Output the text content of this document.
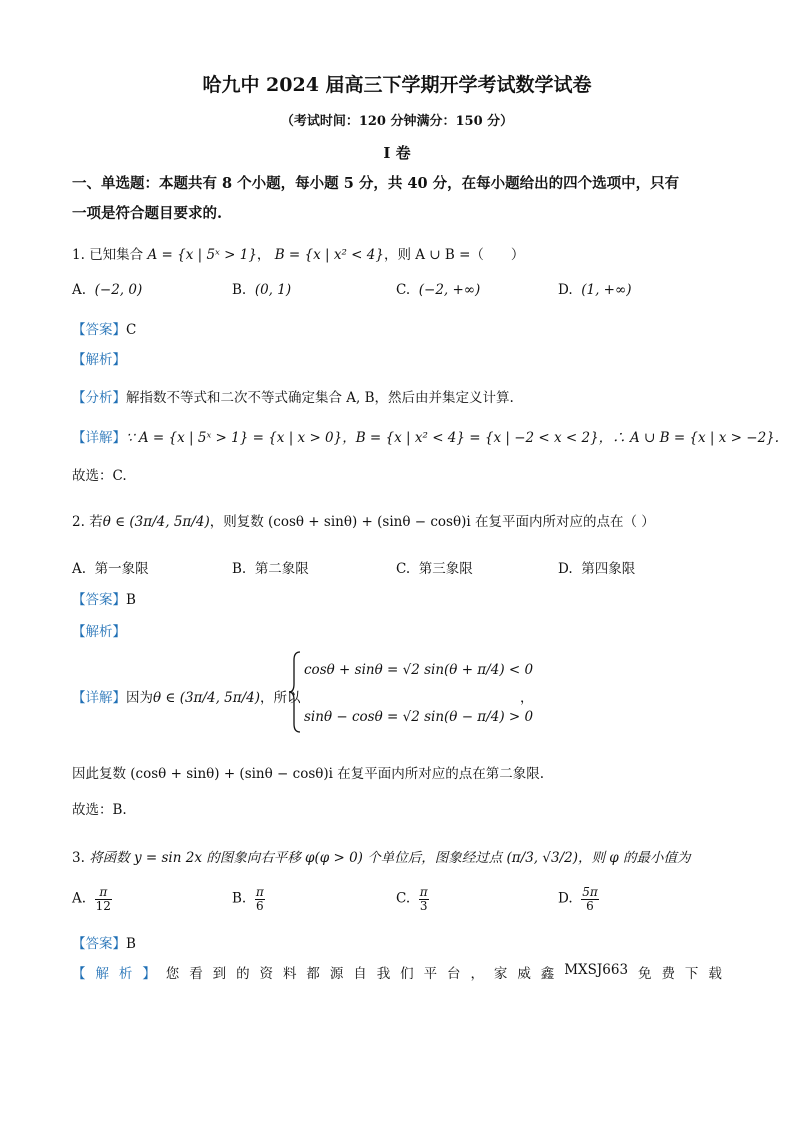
哈九中 2024 届高三下学期开学考试数学试卷
（考试时间：120 分钟满分：150 分）
I 卷
一、单选题：本题共有 8 个小题，每小题 5 分，共 40 分，在每小题给出的四个选项中，只有
一项是符合题目要求的.
1. 已知集合 A = {x | 5ˣ > 1}， B = {x | x² < 4}，则 A ∪ B =（　　）
A. (−2, 0)	B. (0, 1)	C. (−2, +∞)	D. (1, +∞)
【答案】C
【解析】
【分析】解指数不等式和二次不等式确定集合 A, B，然后由并集定义计算.
【详解】∵ A = {x | 5ˣ > 1} = {x | x > 0}，B = {x | x² < 4} = {x | −2 < x < 2}，∴ A ∪ B = {x | x > −2}.
故选：C.
2. 若θ ∈ (3π/4, 5π/4)，则复数 (cosθ + sinθ) + (sinθ − cosθ)i 在复平面内所对应的点在（ ）
A. 第一象限	B. 第二象限	C. 第三象限	D. 第四象限
【答案】B
【解析】
【详解】因为θ ∈ (3π/4, 5π/4)，所以
cosθ + sinθ = √2 sin(θ + π/4) < 0
sinθ − cosθ = √2 sin(θ − π/4) > 0
，
因此复数 (cosθ + sinθ) + (sinθ − cosθ)i 在复平面内所对应的点在第二象限.
故选：B.
3. 将函数 y = sin 2x 的图象向右平移 φ(φ > 0) 个单位后，图象经过点 (π/3, √3/2)，则 φ 的最小值为
A. $\frac{\pi}{12}$	B. $\frac{\pi}{6}$	C. $\frac{\pi}{3}$	D. $\frac{5\pi}{6}$
【答案】B
【 解 析 】 您 看 到 的 资 料 都 源 自 我 们 平 台 ， 家 威 鑫 MXSJ663 免 费 下 载
